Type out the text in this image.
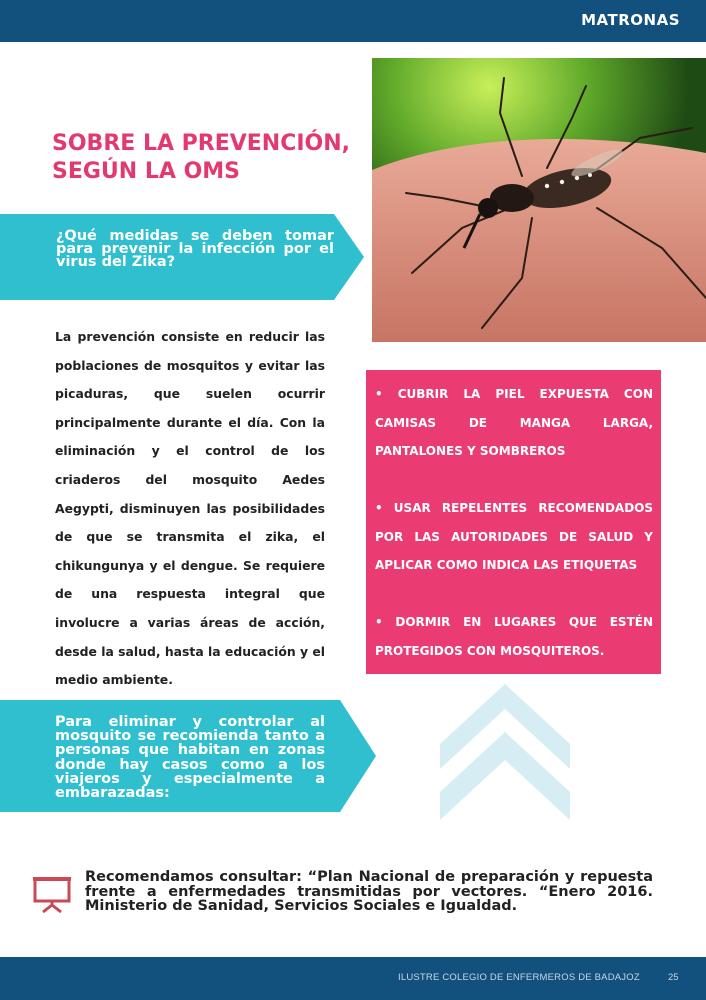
MATRONAS
SOBRE LA PREVENCIÓN,
SEGÚN LA OMS
¿Qué medidas se deben tomar para prevenir la infección por el virus del Zika?
La prevención consiste en reducir las poblaciones de mosquitos y evitar las picaduras, que suelen ocurrir principalmente durante el día. Con la eliminación y el control de los criaderos del mosquito Aedes Aegypti, disminuyen las posibilidades de que se transmita el zika, el chikungunya y el dengue. Se requiere de una respuesta integral que involucre a varias áreas de acción, desde la salud, hasta la educación y el medio ambiente.
• CUBRIR LA PIEL EXPUESTA CON CAMISAS DE MANGA LARGA, PANTALONES Y SOMBREROS
• USAR REPELENTES RECOMENDADOS POR LAS AUTORIDADES DE SALUD Y APLICAR COMO INDICA LAS ETIQUETAS
• DORMIR EN LUGARES QUE ESTÉN PROTEGIDOS CON MOSQUITEROS.
Para eliminar y controlar al mosquito se recomienda tanto a personas que habitan en zonas donde hay casos como a los viajeros y especialmente a embarazadas:
Recomendamos consultar: “Plan Nacional de preparación y repuesta frente a enfermedades transmitidas por vectores. “Enero 2016. Ministerio de Sanidad, Servicios Sociales e Igualdad.
ILUSTRE COLEGIO DE ENFERMEROS DE BADAJOZ	25
